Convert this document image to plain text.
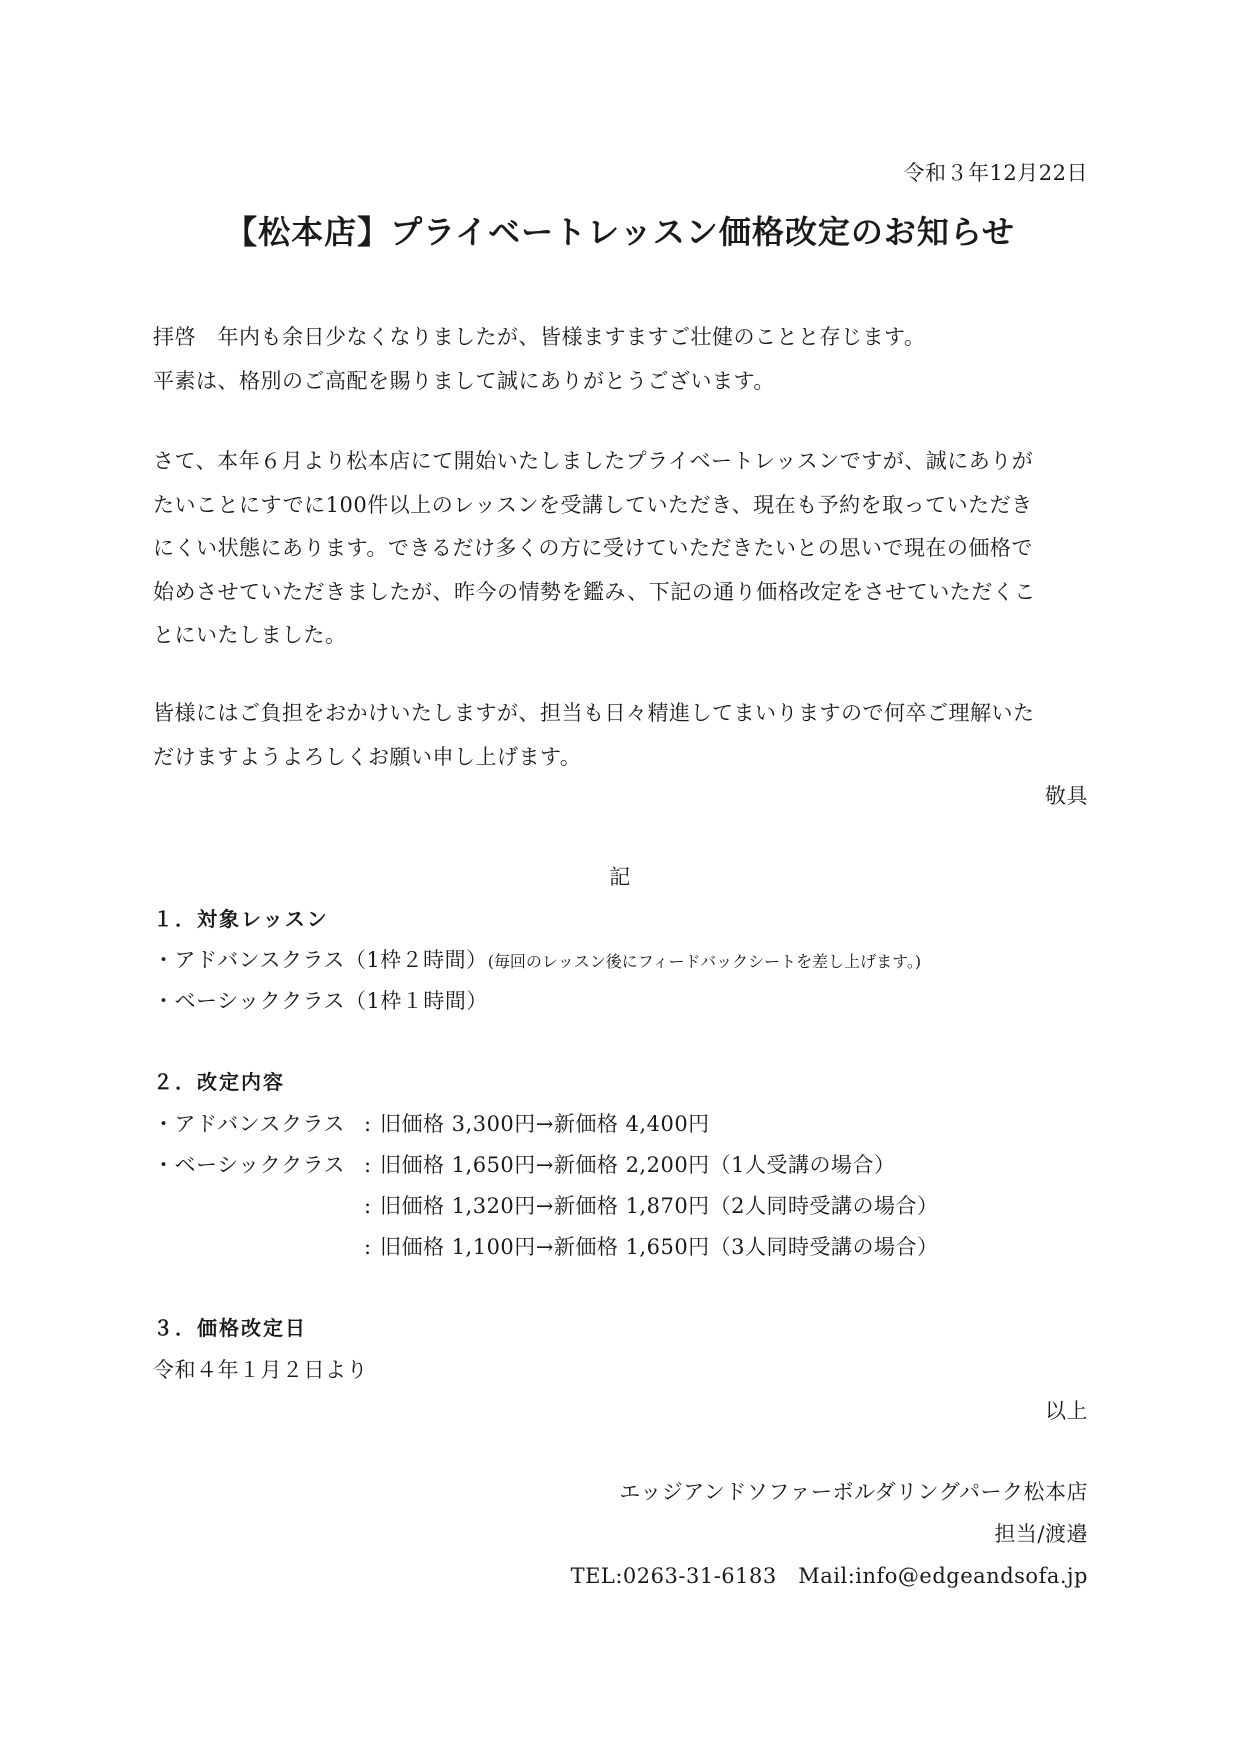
令和３年12月22日
【松本店】プライベートレッスン価格改定のお知らせ

拝啓　年内も余日少なくなりましたが、皆様ますますご壮健のことと存じます。

平素は、格別のご高配を賜りまして誠にありがとうございます。

さて、本年６月より松本店にて開始いたしましたプライベートレッスンですが、誠にありが

たいことにすでに100件以上のレッスンを受講していただき、現在も予約を取っていただき

にくい状態にあります。できるだけ多くの方に受けていただきたいとの思いで現在の価格で

始めさせていただきましたが、昨今の情勢を鑑み、下記の通り価格改定をさせていただくこ

とにいたしました。

皆様にはご負担をおかけいたしますが、担当も日々精進してまいりますので何卒ご理解いた

だけますようよろしくお願い申し上げます。

敬具
記
１．対象レッスン
・アドバンスクラス（1枠２時間）(毎回のレッスン後にフィードバックシートを差し上げます。)
・ベーシッククラス（1枠１時間）
２．改定内容
・アドバンスクラス : 旧価格 3,300円→新価格 4,400円
・ベーシッククラス : 旧価格 1,650円→新価格 2,200円（1人受講の場合）
: 旧価格 1,320円→新価格 1,870円（2人同時受講の場合）
: 旧価格 1,100円→新価格 1,650円（3人同時受講の場合）
３．価格改定日
令和４年１月２日より
以上
エッジアンドソファーボルダリングパーク松本店
担当/渡邉
TEL:0263-31-6183　Mail:info@edgeandsofa.jp
